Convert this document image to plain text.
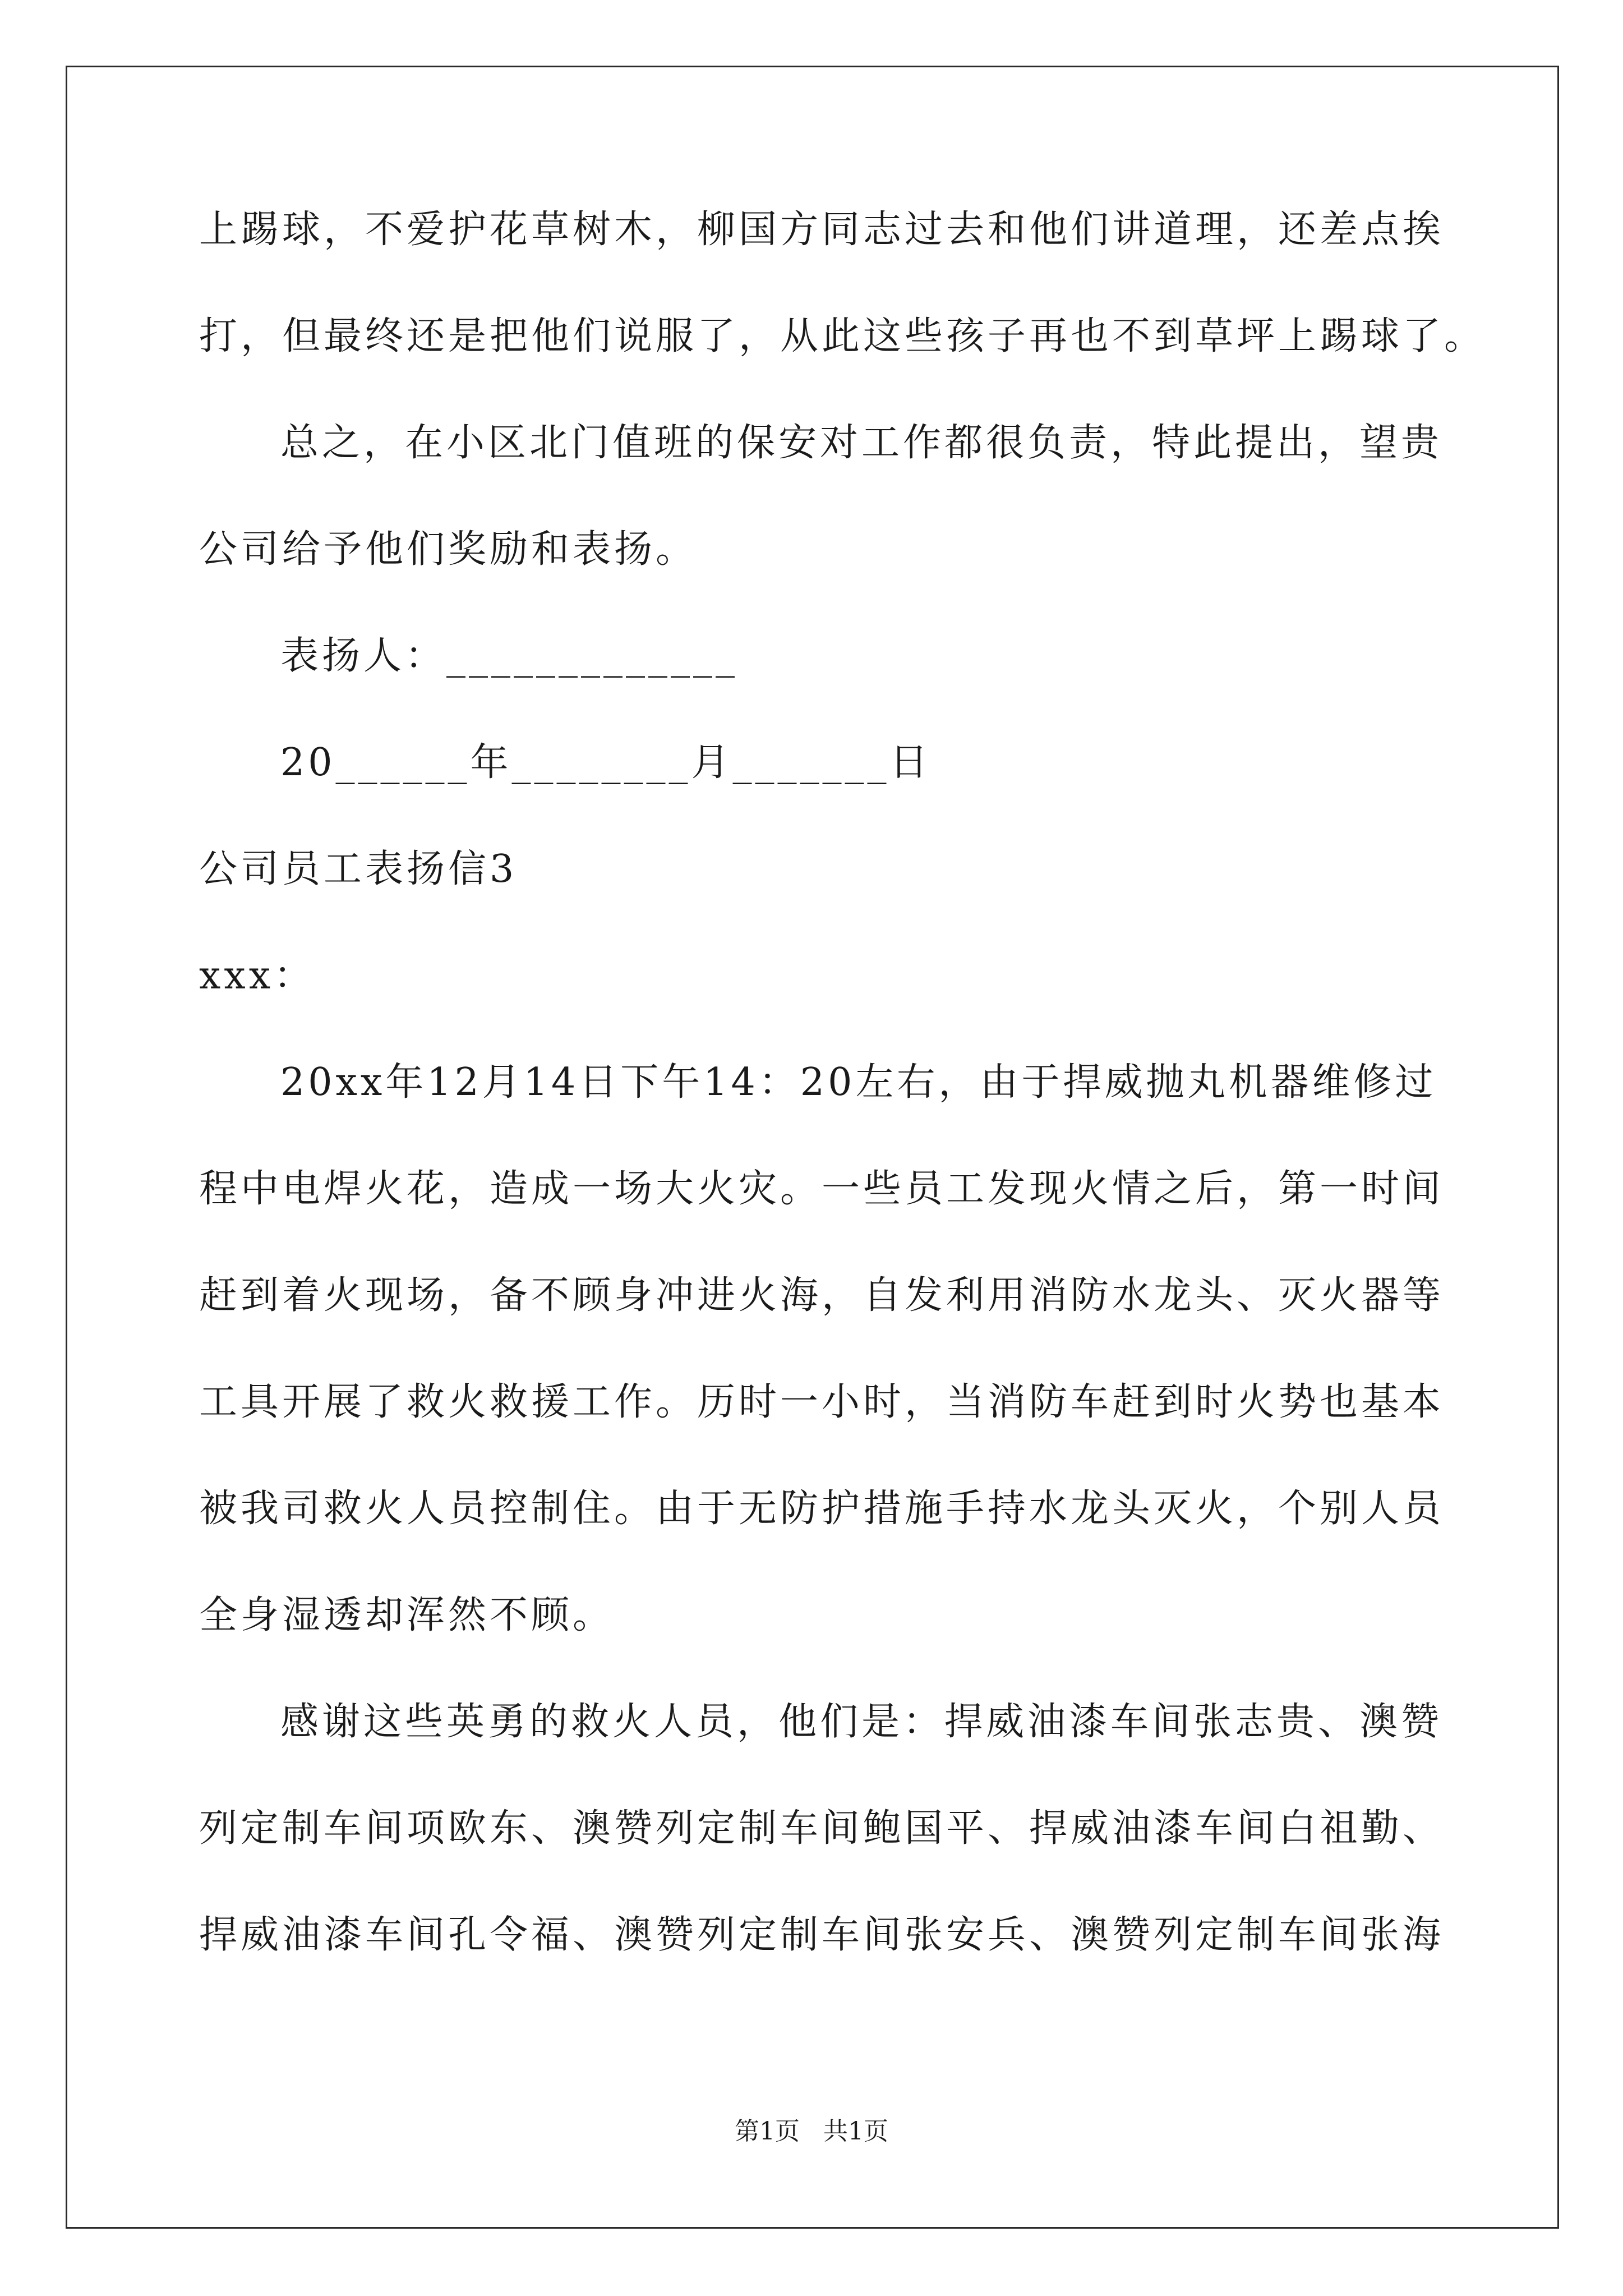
上踢球，不爱护花草树木，柳国方同志过去和他们讲道理，还差点挨

打，但最终还是把他们说服了，从此这些孩子再也不到草坪上踢球了。

总之，在小区北门值班的保安对工作都很负责，特此提出，望贵

公司给予他们奖励和表扬。

表扬人：_____________

20______年________月_______日

公司员工表扬信3

xxx：

20xx年12月14日下午14：20左右，由于捍威抛丸机器维修过

程中电焊火花，造成一场大火灾。一些员工发现火情之后，第一时间

赶到着火现场，备不顾身冲进火海，自发利用消防水龙头、灭火器等

工具开展了救火救援工作。历时一小时，当消防车赶到时火势也基本

被我司救火人员控制住。由于无防护措施手持水龙头灭火，个别人员

全身湿透却浑然不顾。

感谢这些英勇的救火人员，他们是：捍威油漆车间张志贵、澳赞

列定制车间项欧东、澳赞列定制车间鲍国平、捍威油漆车间白祖勤、

捍威油漆车间孔令福、澳赞列定制车间张安兵、澳赞列定制车间张海

第1页   共1页
